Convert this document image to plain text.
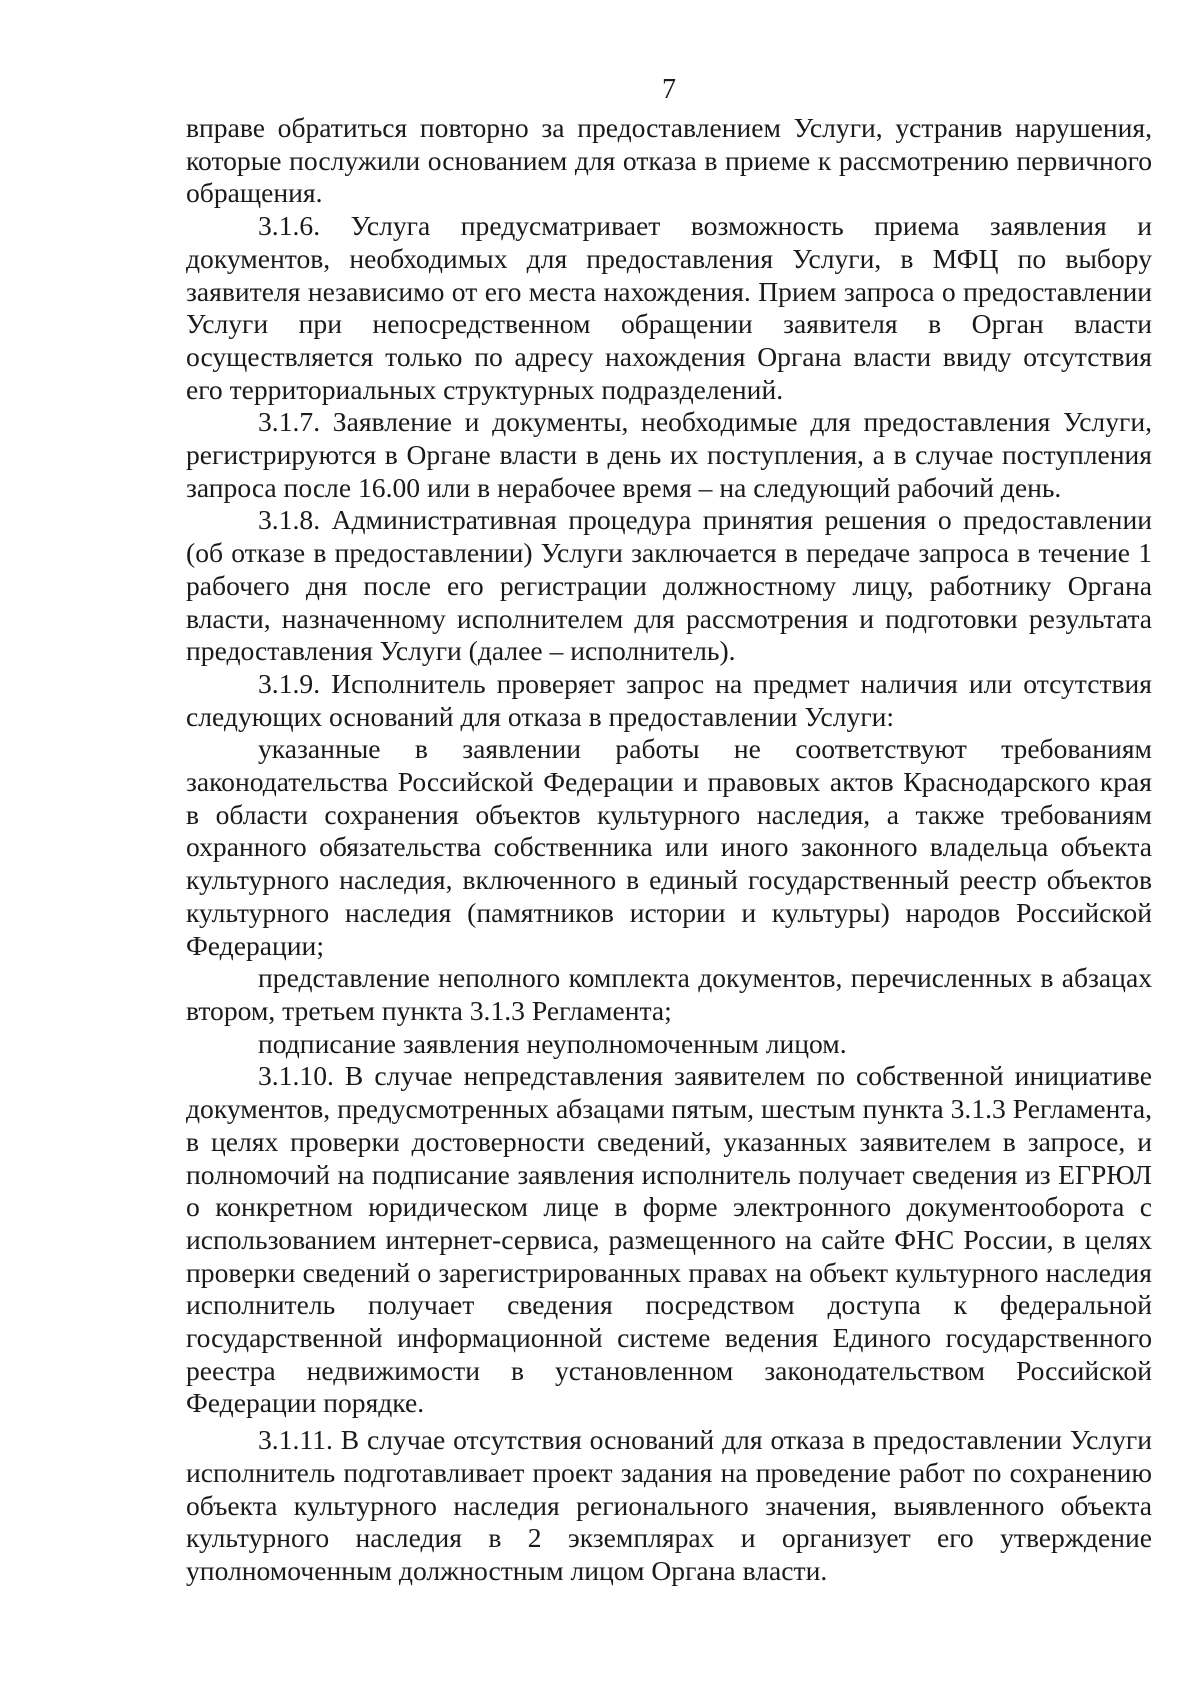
7

вправе обратиться повторно за предоставлением Услуги, устранив нарушения, которые послужили основанием для отказа в приеме к рассмотрению первичного обращения.

3.1.6. Услуга предусматривает возможность приема заявления и документов, необходимых для предоставления Услуги, в МФЦ по выбору заявителя независимо от его места нахождения. Прием запроса о предоставлении Услуги при непосредственном обращении заявителя в Орган власти осуществляется только по адресу нахождения Органа власти ввиду отсутствия его территориальных структурных подразделений.

3.1.7. Заявление и документы, необходимые для предоставления Услуги, регистрируются в Органе власти в день их поступления, а в случае поступления запроса после 16.00 или в нерабочее время – на следующий рабочий день.

3.1.8. Административная процедура принятия решения о предоставлении (об отказе в предоставлении) Услуги заключается в передаче запроса в течение 1 рабочего дня после его регистрации должностному лицу, работнику Органа власти, назначенному исполнителем для рассмотрения и подготовки результата предоставления Услуги (далее – исполнитель).

3.1.9. Исполнитель проверяет запрос на предмет наличия или отсутствия следующих оснований для отказа в предоставлении Услуги:

указанные в заявлении работы не соответствуют требованиям законодательства Российской Федерации и правовых актов Краснодарского края в области сохранения объектов культурного наследия, а также требованиям охранного обязательства собственника или иного законного владельца объекта культурного наследия, включенного в единый государственный реестр объектов культурного наследия (памятников истории и культуры) народов Российской Федерации;

представление неполного комплекта документов, перечисленных в абзацах втором, третьем пункта 3.1.3 Регламента;

подписание заявления неуполномоченным лицом.

3.1.10. В случае непредставления заявителем по собственной инициативе документов, предусмотренных абзацами пятым, шестым пункта 3.1.3 Регламента, в целях проверки достоверности сведений, указанных заявителем в запросе, и полномочий на подписание заявления исполнитель получает сведения из ЕГРЮЛ о конкретном юридическом лице в форме электронного документооборота с использованием интернет-сервиса, размещенного на сайте ФНС России, в целях проверки сведений о зарегистрированных правах на объект культурного наследия исполнитель получает сведения посредством доступа к федеральной государственной информационной системе ведения Единого государственного реестра недвижимости в установленном законодательством Российской Федерации порядке.

3.1.11. В случае отсутствия оснований для отказа в предоставлении Услуги исполнитель подготавливает проект задания на проведение работ по сохранению объекта культурного наследия регионального значения, выявленного объекта культурного наследия в 2 экземплярах и организует его утверждение уполномоченным должностным лицом Органа власти.
